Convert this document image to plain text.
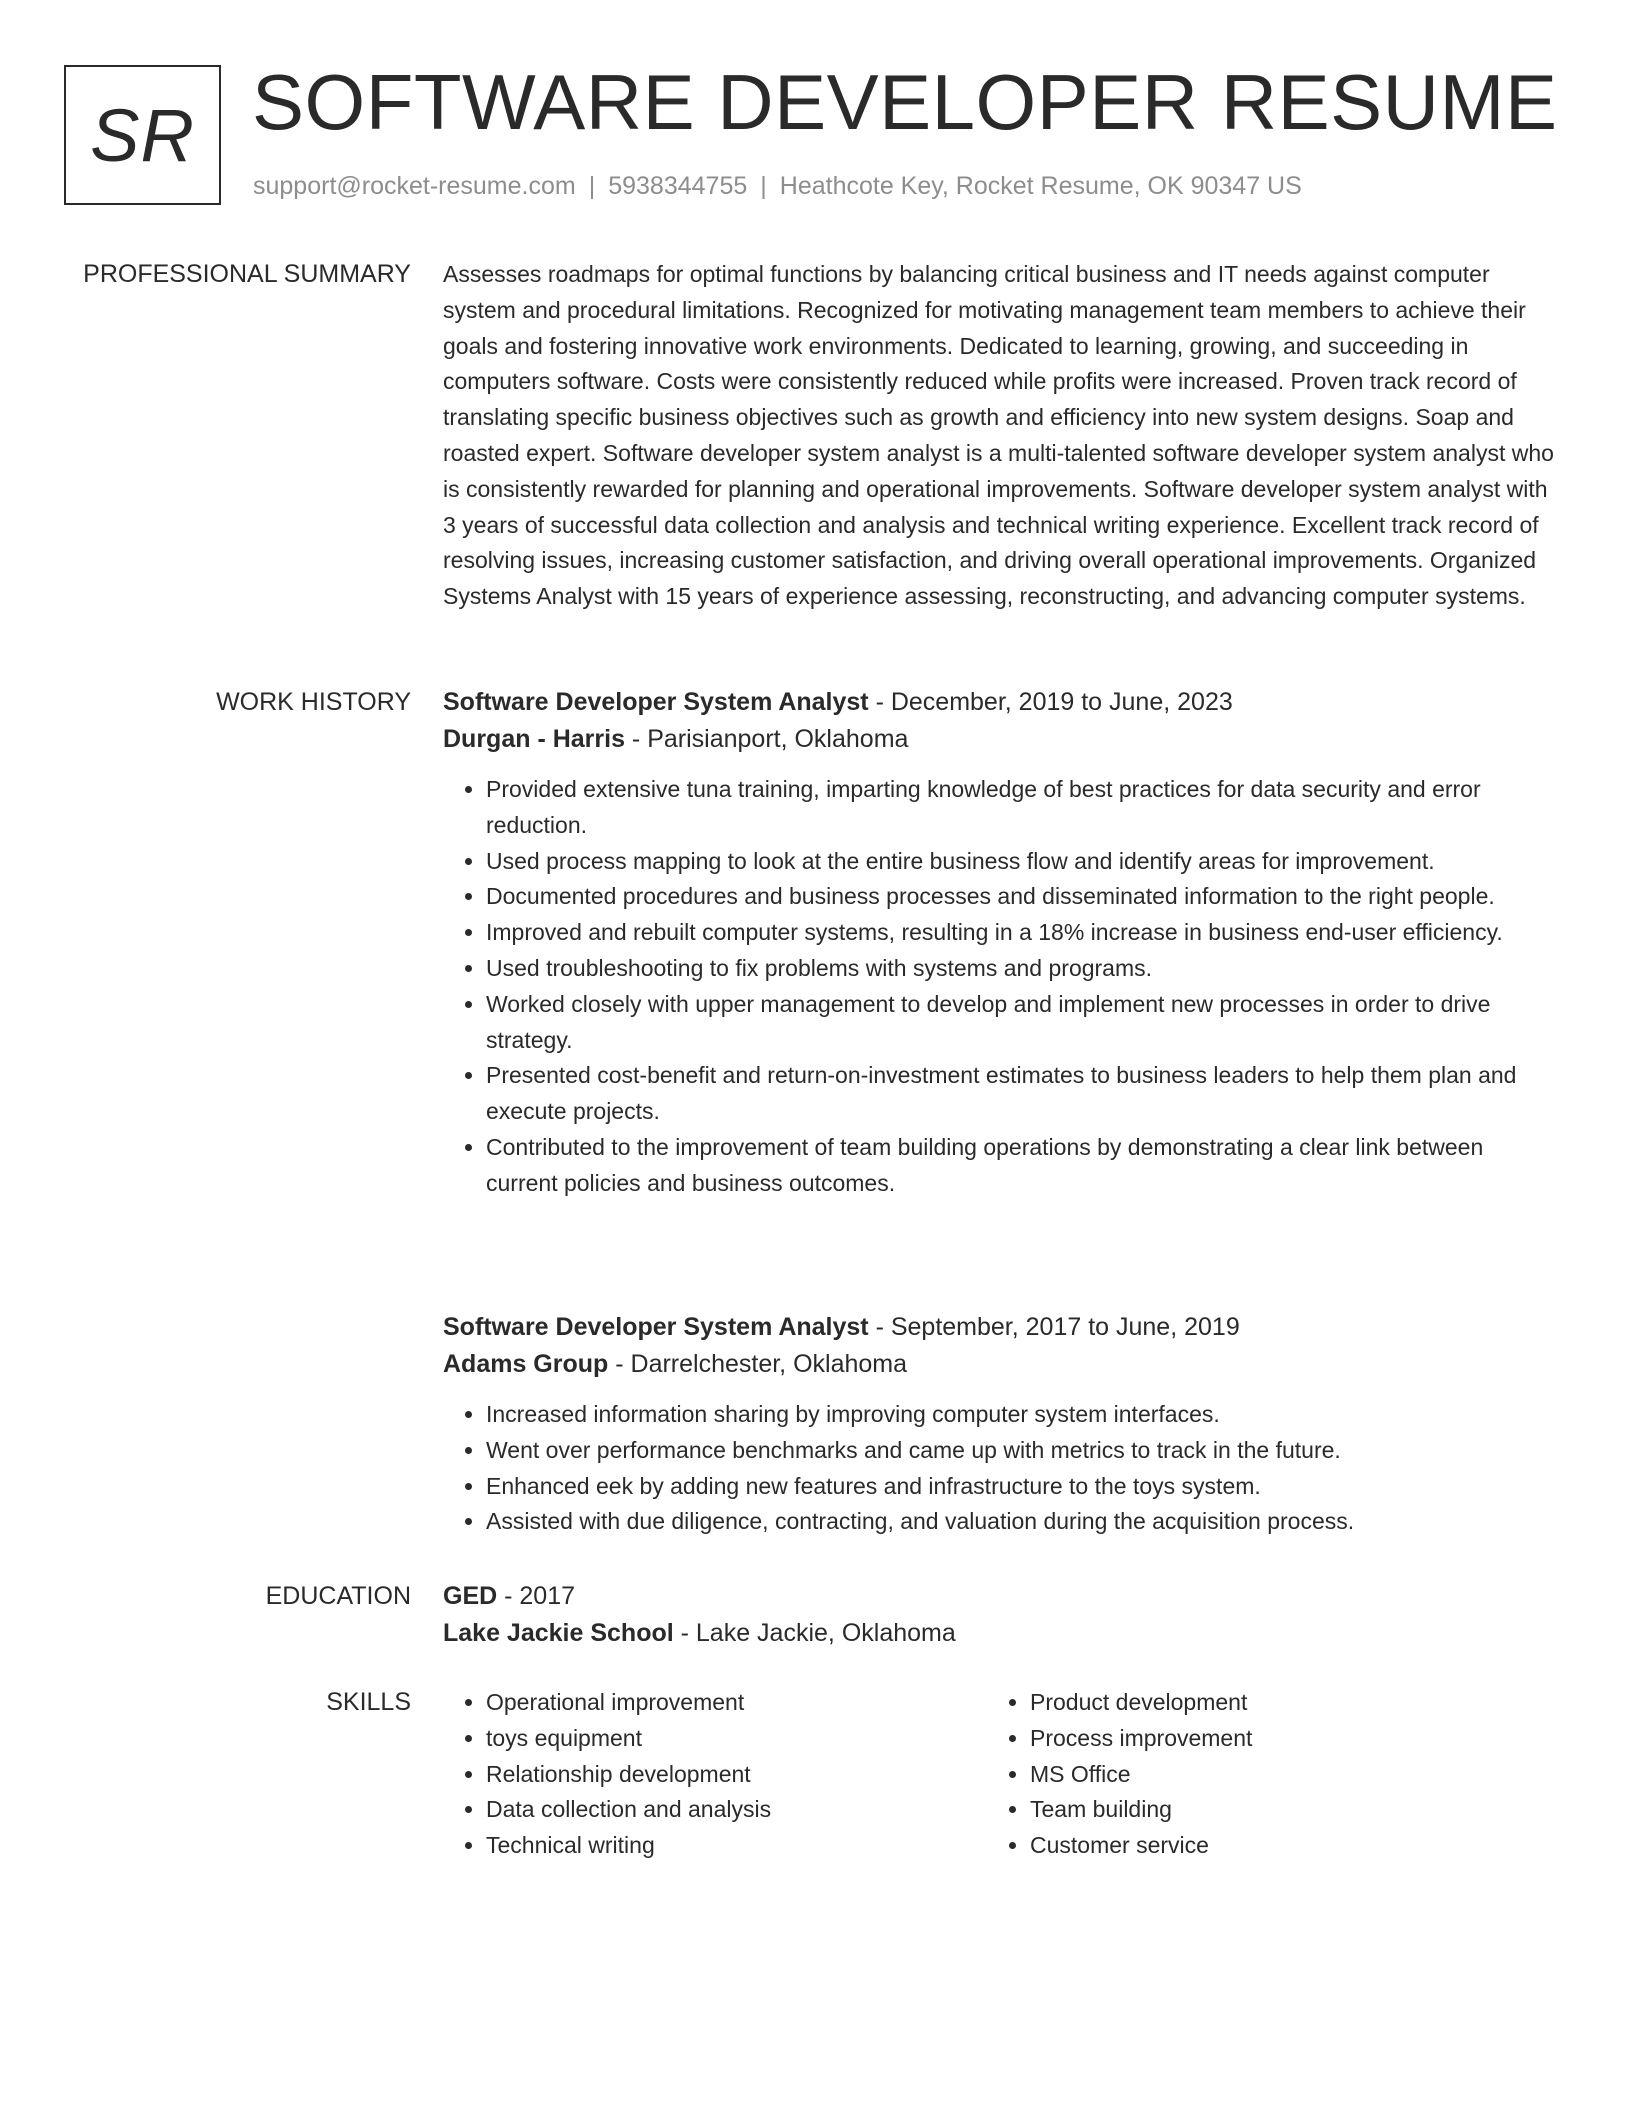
SR SOFTWARE DEVELOPER RESUME
support@rocket-resume.com | 5938344755 | Heathcote Key, Rocket Resume, OK 90347 US
PROFESSIONAL SUMMARY Assesses roadmaps for optimal functions by balancing critical business and IT needs against computer system and procedural limitations. Recognized for motivating management team members to achieve their goals and fostering innovative work environments. Dedicated to learning, growing, and succeeding in computers software. Costs were consistently reduced while profits were increased. Proven track record of translating specific business objectives such as growth and efficiency into new system designs. Soap and roasted expert. Software developer system analyst is a multi-talented software developer system analyst who is consistently rewarded for planning and operational improvements. Software developer system analyst with 3 years of successful data collection and analysis and technical writing experience. Excellent track record of resolving issues, increasing customer satisfaction, and driving overall operational improvements. Organized Systems Analyst with 15 years of experience assessing, reconstructing, and advancing computer systems.

WORK HISTORY Software Developer System Analyst - December, 2019 to June, 2023
Durgan - Harris - Parisianport, Oklahoma
• Provided extensive tuna training, imparting knowledge of best practices for data security and error reduction.
• Used process mapping to look at the entire business flow and identify areas for improvement.
• Documented procedures and business processes and disseminated information to the right people.
• Improved and rebuilt computer systems, resulting in a 18% increase in business end-user efficiency.
• Used troubleshooting to fix problems with systems and programs.
• Worked closely with upper management to develop and implement new processes in order to drive strategy.
• Presented cost-benefit and return-on-investment estimates to business leaders to help them plan and execute projects.
• Contributed to the improvement of team building operations by demonstrating a clear link between current policies and business outcomes.
Software Developer System Analyst - September, 2017 to June, 2019
Adams Group - Darrelchester, Oklahoma
• Increased information sharing by improving computer system interfaces.
• Went over performance benchmarks and came up with metrics to track in the future.
• Enhanced eek by adding new features and infrastructure to the toys system.
• Assisted with due diligence, contracting, and valuation during the acquisition process.
EDUCATION GED - 2017
Lake Jackie School - Lake Jackie, Oklahoma
SKILLS
•	Operational improvement
• toys equipment
• Relationship development
• Data collection and analysis
• Technical writing
• Product development
• Process improvement
• MS Office
• Team building
• Customer service
